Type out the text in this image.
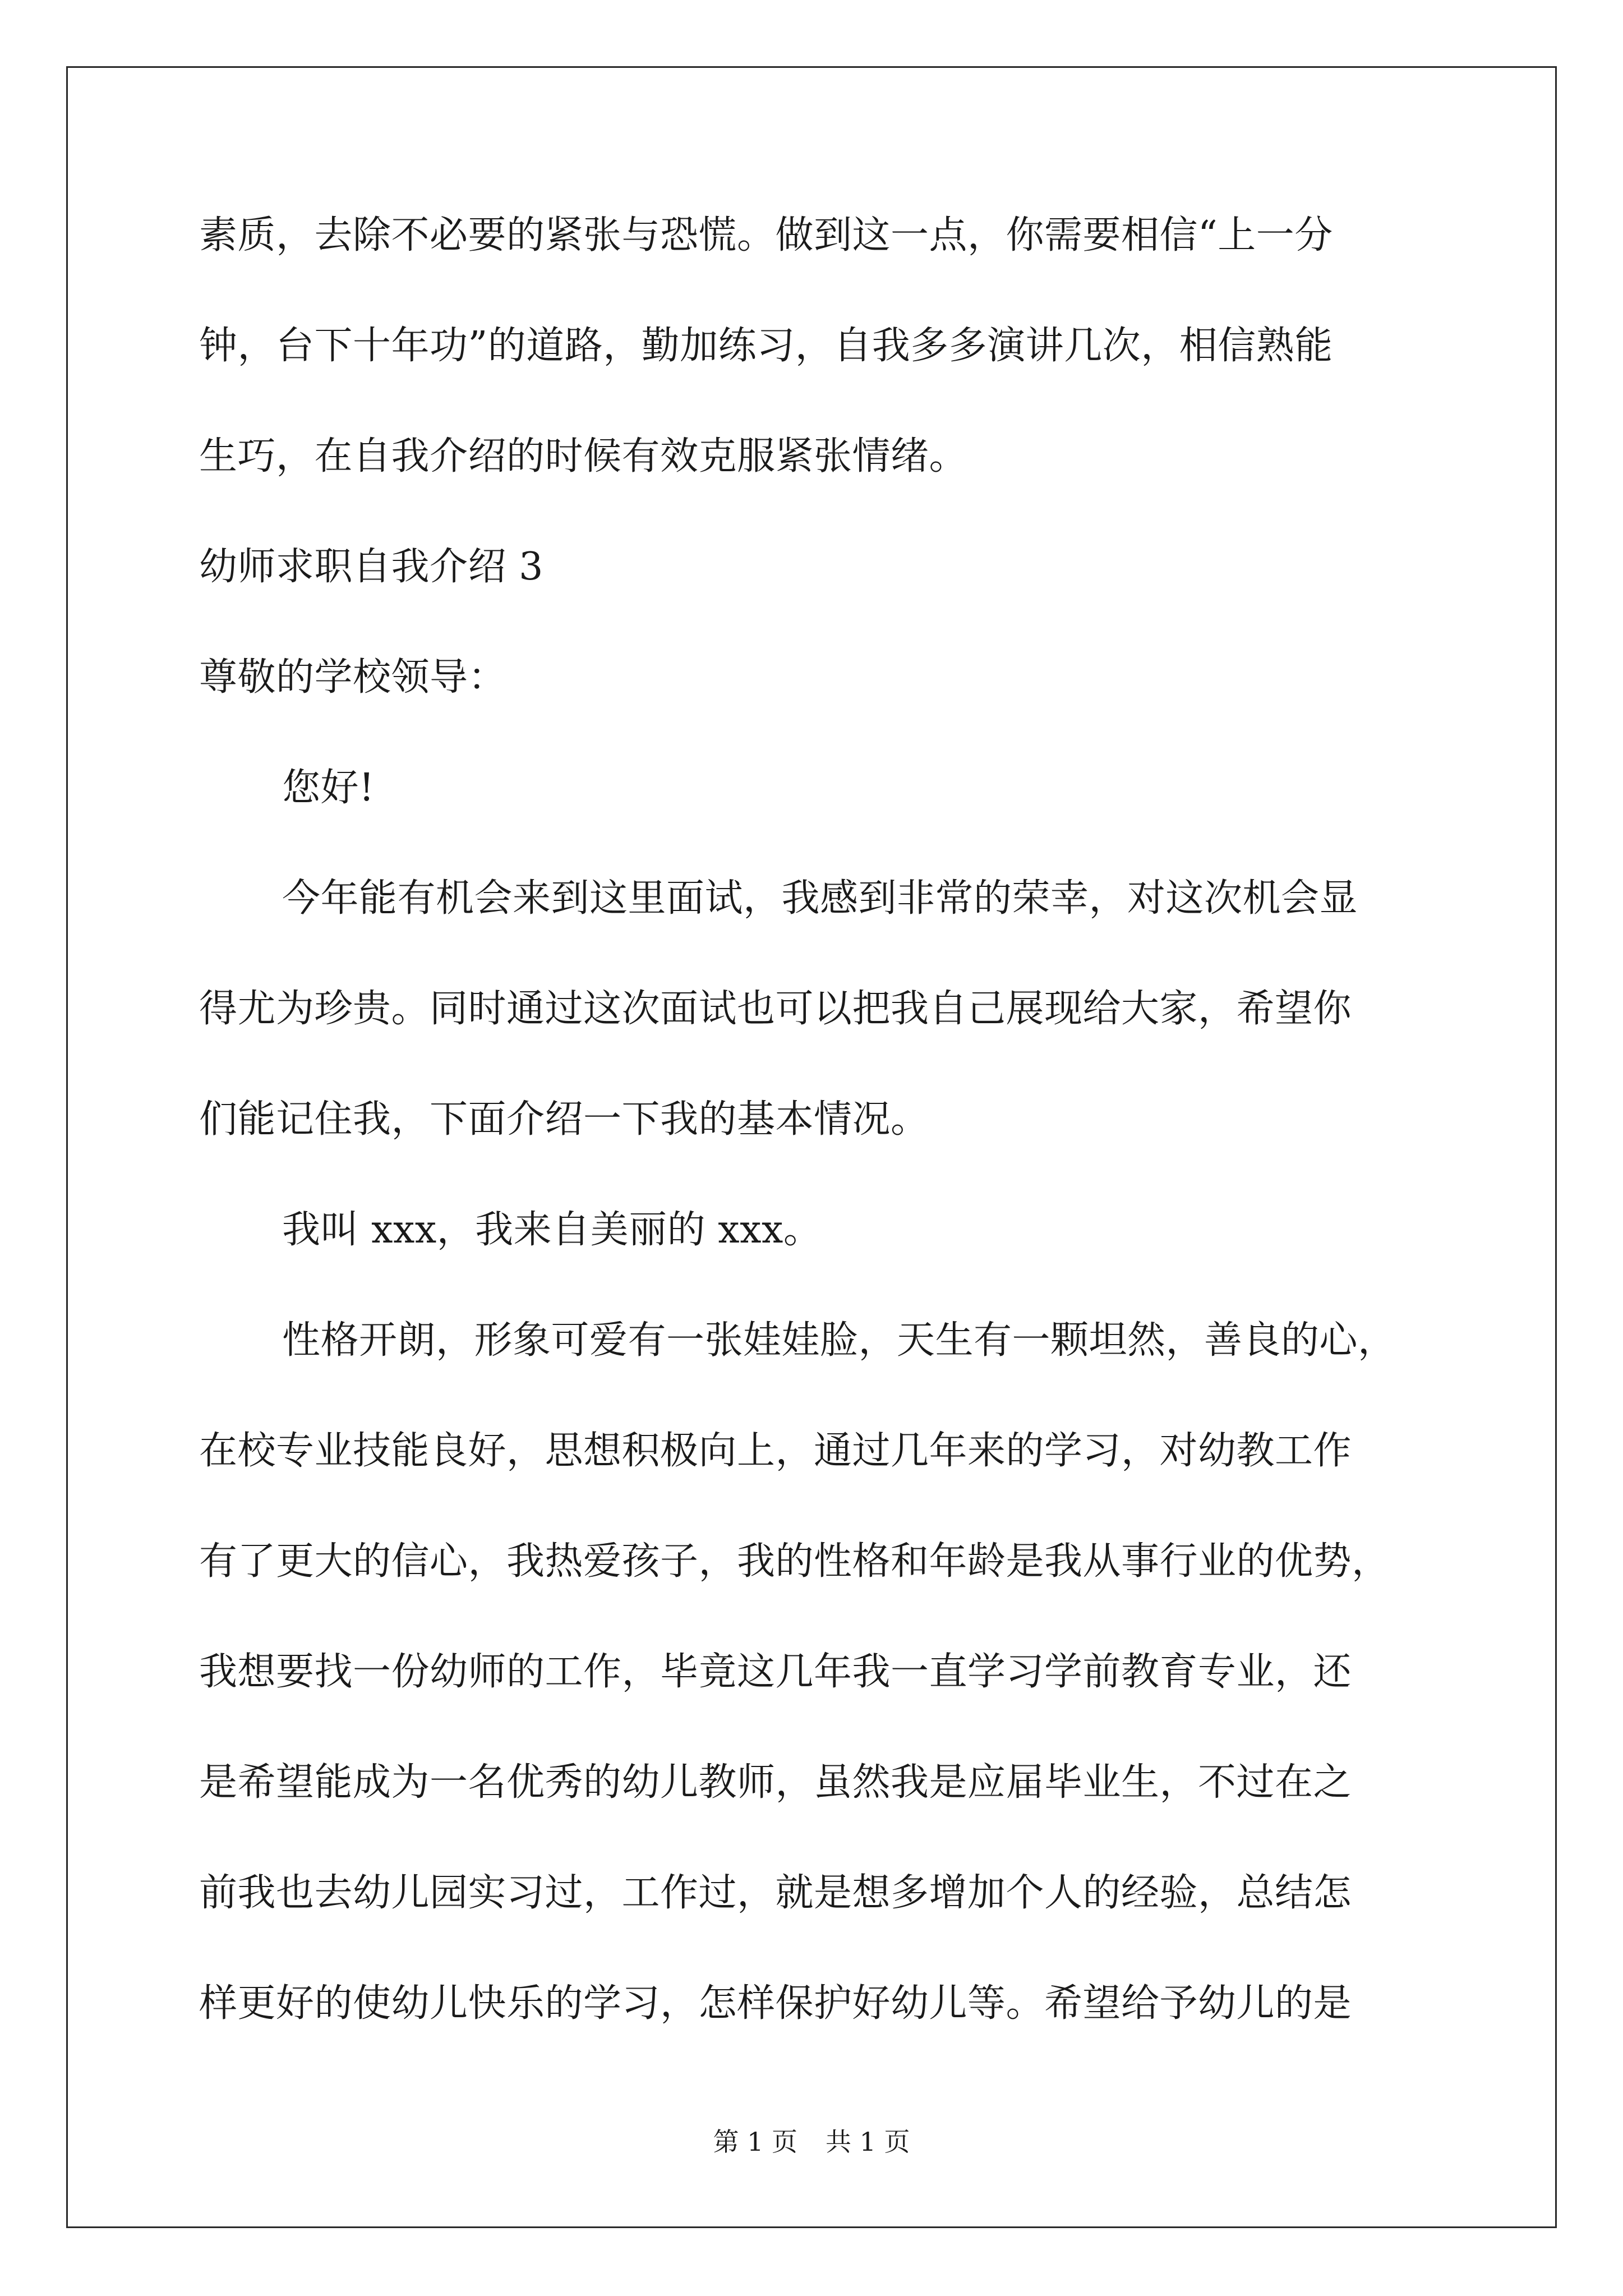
素质，去除不必要的紧张与恐慌。做到这一点，你需要相信“上一分

钟，台下十年功”的道路，勤加练习，自我多多演讲几次，相信熟能

生巧，在自我介绍的时候有效克服紧张情绪。

幼师求职自我介绍 3

尊敬的学校领导：

您好!

今年能有机会来到这里面试，我感到非常的荣幸，对这次机会显

得尤为珍贵。同时通过这次面试也可以把我自己展现给大家，希望你

们能记住我，下面介绍一下我的基本情况。

我叫 xxx，我来自美丽的 xxx。

性格开朗，形象可爱有一张娃娃脸，天生有一颗坦然，善良的心，

在校专业技能良好，思想积极向上，通过几年来的学习，对幼教工作

有了更大的信心，我热爱孩子，我的性格和年龄是我从事行业的优势，

我想要找一份幼师的工作，毕竟这几年我一直学习学前教育专业，还

是希望能成为一名优秀的幼儿教师，虽然我是应届毕业生，不过在之

前我也去幼儿园实习过，工作过，就是想多增加个人的经验，总结怎

样更好的使幼儿快乐的学习，怎样保护好幼儿等。希望给予幼儿的是

第 1 页 共 1 页
